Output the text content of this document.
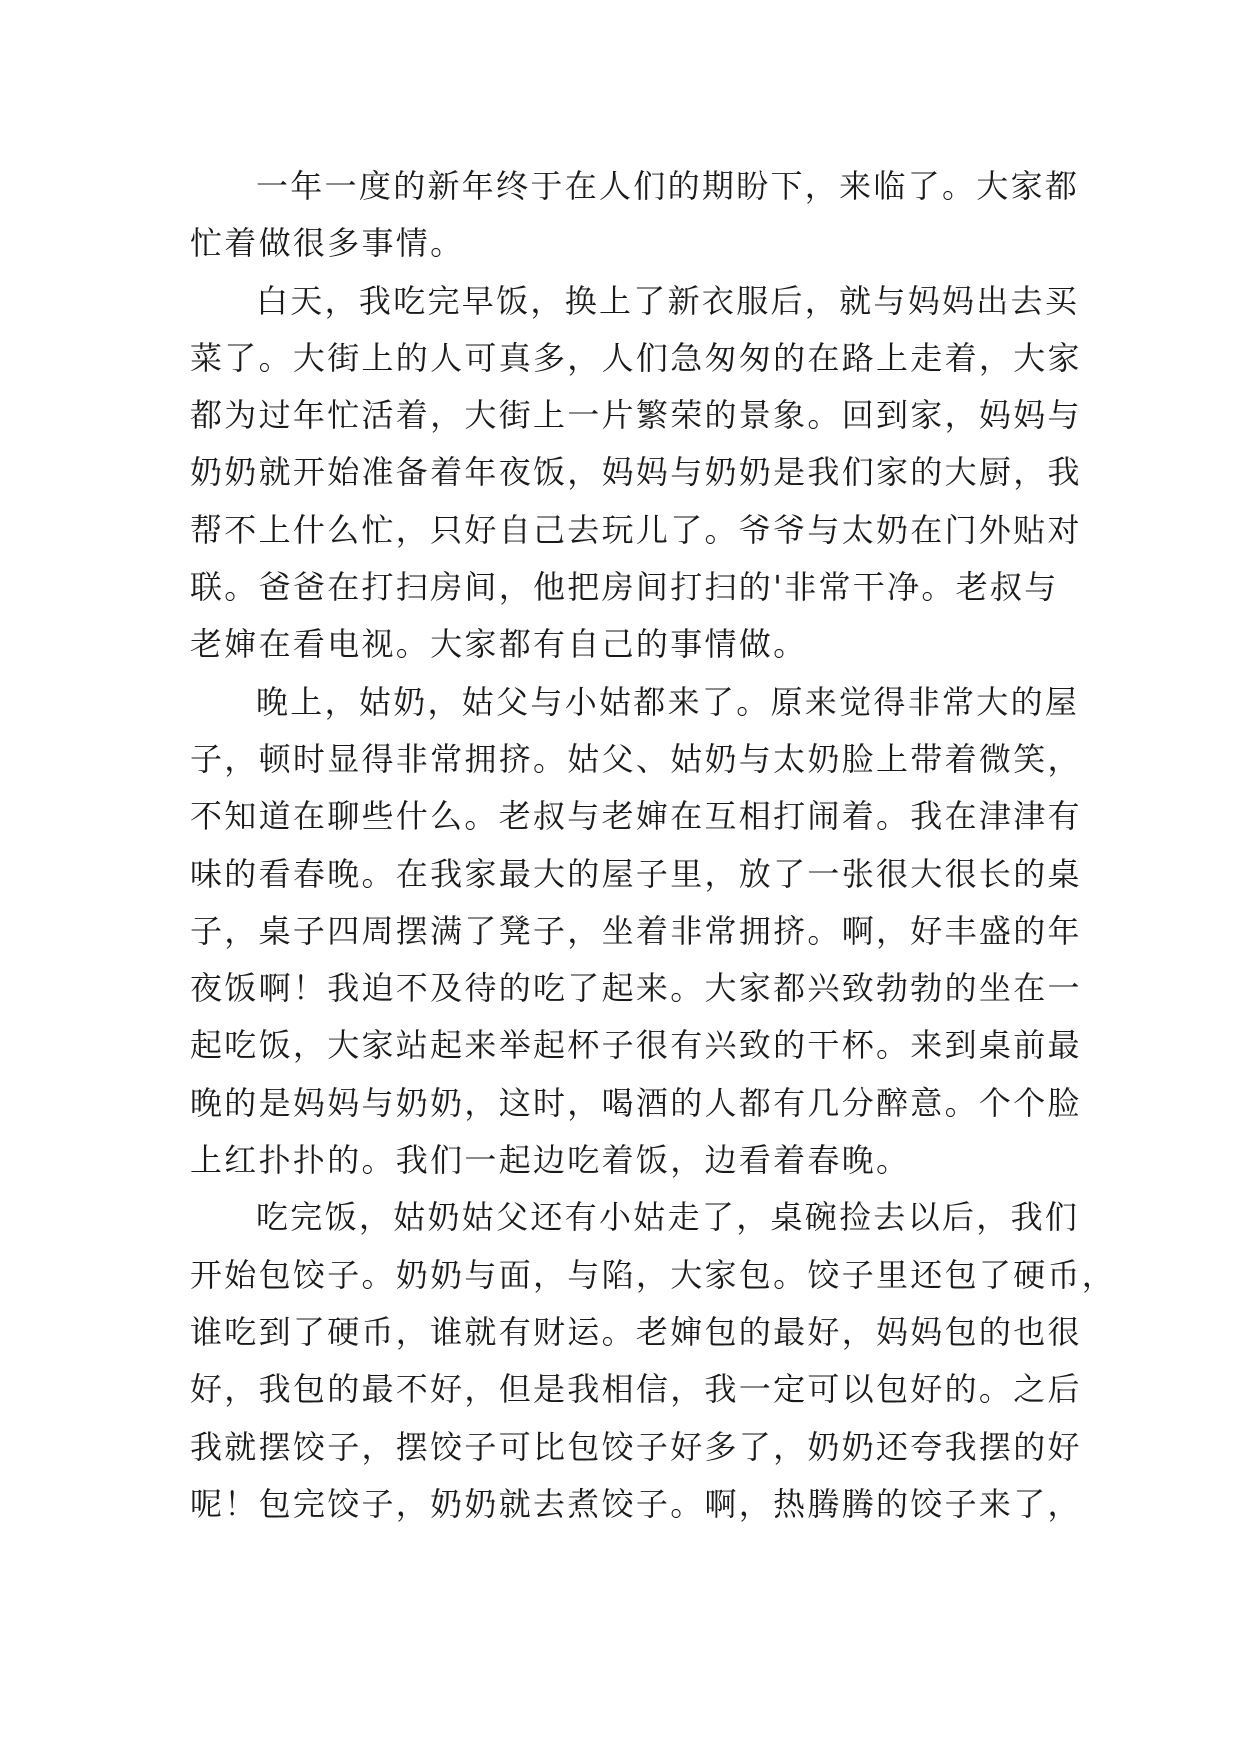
一年一度的新年终于在人们的期盼下，来临了。大家都
忙着做很多事情。
白天，我吃完早饭，换上了新衣服后，就与妈妈出去买
菜了。大街上的人可真多，人们急匆匆的在路上走着，大家
都为过年忙活着，大街上一片繁荣的景象。回到家，妈妈与
奶奶就开始准备着年夜饭，妈妈与奶奶是我们家的大厨，我
帮不上什么忙，只好自己去玩儿了。爷爷与太奶在门外贴对
联。爸爸在打扫房间，他把房间打扫的'非常干净。老叔与
老婶在看电视。大家都有自己的事情做。
晚上，姑奶，姑父与小姑都来了。原来觉得非常大的屋
子，顿时显得非常拥挤。姑父、姑奶与太奶脸上带着微笑，
不知道在聊些什么。老叔与老婶在互相打闹着。我在津津有
味的看春晚。在我家最大的屋子里，放了一张很大很长的桌
子，桌子四周摆满了凳子，坐着非常拥挤。啊，好丰盛的年
夜饭啊！我迫不及待的吃了起来。大家都兴致勃勃的坐在一
起吃饭，大家站起来举起杯子很有兴致的干杯。来到桌前最
晚的是妈妈与奶奶，这时，喝酒的人都有几分醉意。个个脸
上红扑扑的。我们一起边吃着饭，边看着春晚。
吃完饭，姑奶姑父还有小姑走了，桌碗捡去以后，我们
开始包饺子。奶奶与面，与陷，大家包。饺子里还包了硬币，
谁吃到了硬币，谁就有财运。老婶包的最好，妈妈包的也很
好，我包的最不好，但是我相信，我一定可以包好的。之后
我就摆饺子，摆饺子可比包饺子好多了，奶奶还夸我摆的好
呢！包完饺子，奶奶就去煮饺子。啊，热腾腾的饺子来了，
